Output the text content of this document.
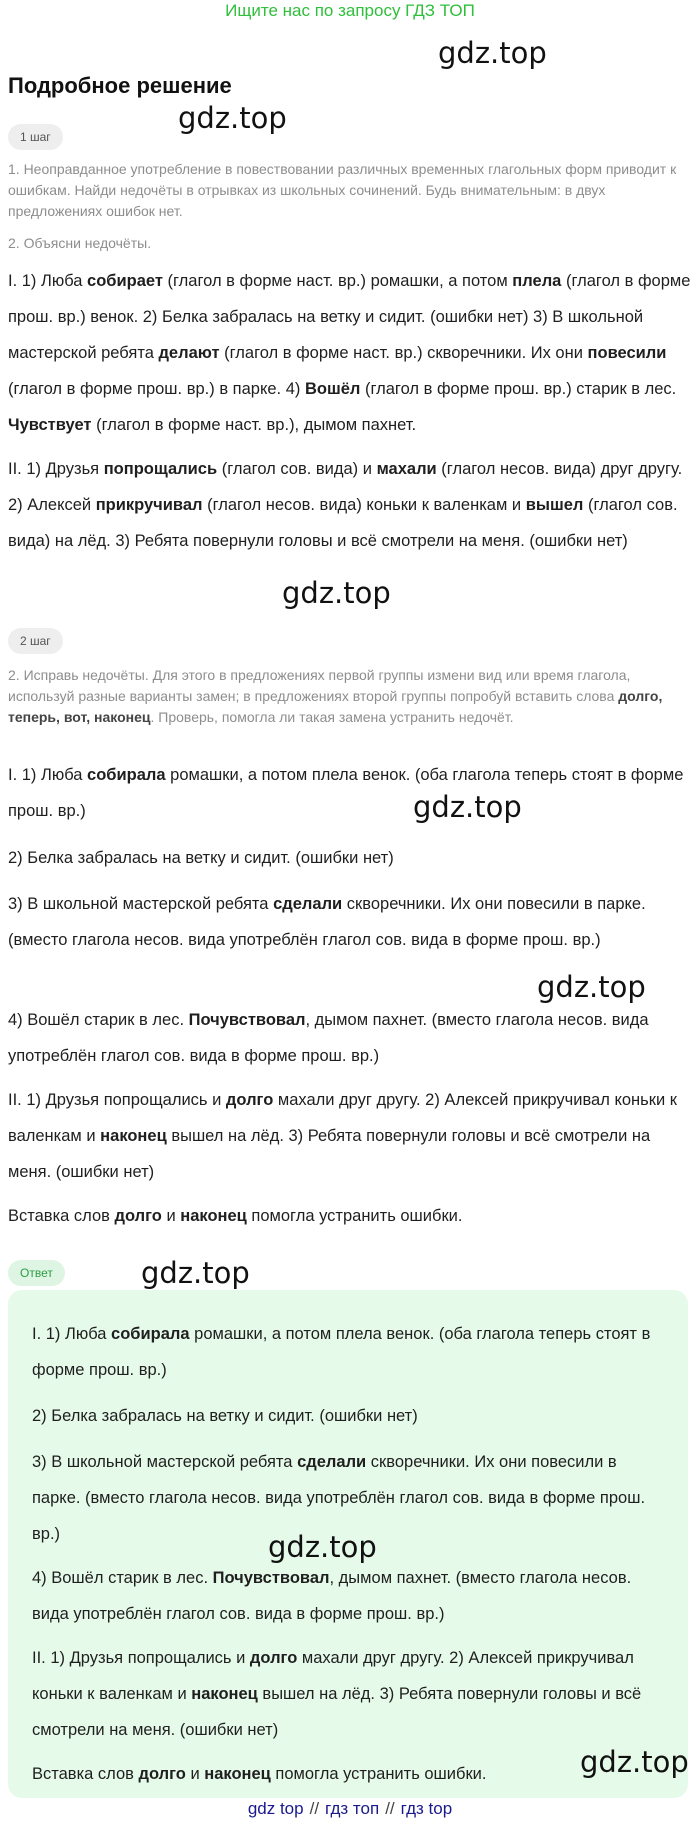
Ищите нас по запросу ГДЗ ТОП
gdz.top
Подробное решение
gdz.top
1 шаг
1. Неоправданное употребление в повествовании различных временных глагольных форм приводит к ошибкам. Найди недочёты в отрывках из школьных сочинений. Будь внимательным: в двух предложениях ошибок нет.
2. Объясни недочёты.
I. 1) Люба собирает (глагол в форме наст. вр.) ромашки, а потом плела (глагол в форме прош. вр.) венок. 2) Белка забралась на ветку и сидит. (ошибки нет) 3) В школьной мастерской ребята делают (глагол в форме наст. вр.) скворечники. Их они повесили (глагол в форме прош. вр.) в парке. 4) Вошёл (глагол в форме прош. вр.) старик в лес. Чувствует (глагол в форме наст. вр.), дымом пахнет.
II. 1) Друзья попрощались (глагол сов. вида) и махали (глагол несов. вида) друг другу. 2) Алексей прикручивал (глагол несов. вида) коньки к валенкам и вышел (глагол сов. вида) на лёд. 3) Ребята повернули головы и всё смотрели на меня. (ошибки нет)
gdz.top
2 шаг
2. Исправь недочёты. Для этого в предложениях первой группы измени вид или время глагола, используй разные варианты замен; в предложениях второй группы попробуй вставить слова долго, теперь, вот, наконец. Проверь, помогла ли такая замена устранить недочёт.
I. 1) Люба собирала ромашки, а потом плела венок. (оба глагола теперь стоят в форме прош. вр.)	gdz.top
2) Белка забралась на ветку и сидит. (ошибки нет)
3) В школьной мастерской ребята сделали скворечники. Их они повесили в парке. (вместо глагола несов. вида употреблён глагол сов. вида в форме прош. вр.)
gdz.top
4) Вошёл старик в лес. Почувствовал, дымом пахнет. (вместо глагола несов. вида употреблён глагол сов. вида в форме прош. вр.)
II. 1) Друзья попрощались и долго махали друг другу. 2) Алексей прикручивал коньки к валенкам и наконец вышел на лёд. 3) Ребята повернули головы и всё смотрели на меня. (ошибки нет)
Вставка слов долго и наконец помогла устранить ошибки.
Ответ	gdz.top
I. 1) Люба собирала ромашки, а потом плела венок. (оба глагола теперь стоят в форме прош. вр.)
2) Белка забралась на ветку и сидит. (ошибки нет)
3) В школьной мастерской ребята сделали скворечники. Их они повесили в парке. (вместо глагола несов. вида употреблён глагол сов. вида в форме прош. вр.)	gdz.top
4) Вошёл старик в лес. Почувствовал, дымом пахнет. (вместо глагола несов. вида употреблён глагол сов. вида в форме прош. вр.)
II. 1) Друзья попрощались и долго махали друг другу. 2) Алексей прикручивал коньки к валенкам и наконец вышел на лёд. 3) Ребята повернули головы и всё смотрели на меня. (ошибки нет)
gdz.top
Вставка слов долго и наконец помогла устранить ошибки.
gdz top // гдз топ // гдз top
